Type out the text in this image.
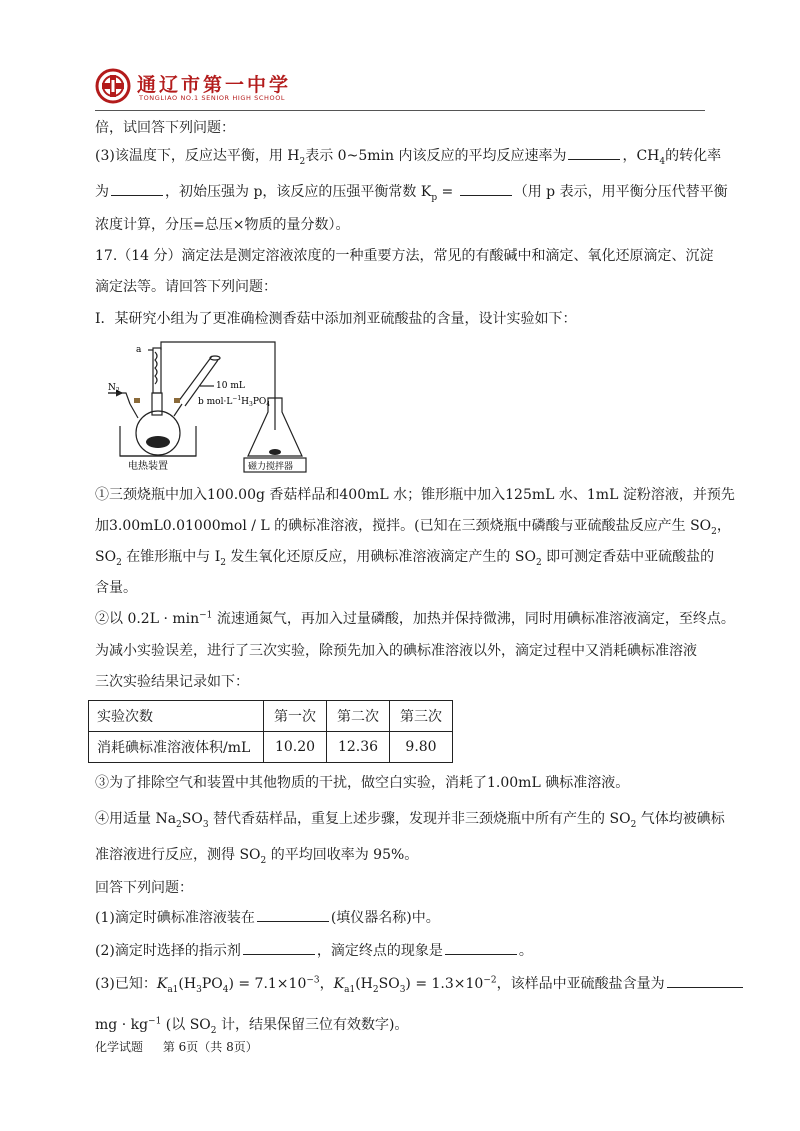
通辽市第一中学
TONGLIAO NO.1 SENIOR HIGH SCHOOL
倍，试回答下列问题：
(3)该温度下，反应达平衡，用 $H_2$表示 0~5min 内该反应的平均反应速率为	，$CH_4$的转化率
为	，初始压强为 p，该反应的压强平衡常数 $K_p$ =	（用 p 表示，用平衡分压代替平衡
浓度计算，分压=总压×物质的量分数）。
17.（14 分）滴定法是测定溶液浓度的一种重要方法，常见的有酸碱中和滴定、氧化还原滴定、沉淀
滴定法等。请回答下列问题：
I．某研究小组为了更准确检测香菇中添加剂亚硫酸盐的含量，设计实验如下：
a
$N_2$	10 mL
b $mol\cdot L^{-1}H_3PO_4$
电热装置	磁力搅拌器
①三颈烧瓶中加入100.00g 香菇样品和400mL 水；锥形瓶中加入125mL 水、1mL 淀粉溶液，并预先
加3.00mL0.01000mol / L 的碘标准溶液，搅拌。(已知在三颈烧瓶中磷酸与亚硫酸盐反应产生 $SO_2$，
$SO_2$ 在锥形瓶中与 $I_2$ 发生氧化还原反应，用碘标准溶液滴定产生的 $SO_2$ 即可测定香菇中亚硫酸盐的
含量。
②以 $0.2L \cdot \min^{-1}$ 流速通氮气，再加入过量磷酸，加热并保持微沸，同时用碘标准溶液滴定，至终点。
为减小实验误差，进行了三次实验，除预先加入的碘标准溶液以外，滴定过程中又消耗碘标准溶液
三次实验结果记录如下：
实验次数	第一次	第二次	第三次
消耗碘标准溶液体积/mL	10.20	12.36	9.80
③为了排除空气和装置中其他物质的干扰，做空白实验，消耗了1.00mL 碘标准溶液。
④用适量 $Na_2SO_3$ 替代香菇样品，重复上述步骤，发现并非三颈烧瓶中所有产生的 $SO_2$ 气体均被碘标
准溶液进行反应，测得 $SO_2$ 的平均回收率为 95%。
回答下列问题：
(1)滴定时碘标准溶液装在	(填仪器名称)中。
(2)滴定时选择的指示剂	，滴定终点的现象是	。
(3)已知：$K_{a1}(H_3PO_4) = 7.1\times 10^{-3}$，$K_{a1}(H_2SO_3) = 1.3\times 10^{-2}$，该样品中亚硫酸盐含量为
mg · $kg^{-1}$ (以 $SO_2$ 计，结果保留三位有效数字)。
化学试题 第 6页（共 8页）
